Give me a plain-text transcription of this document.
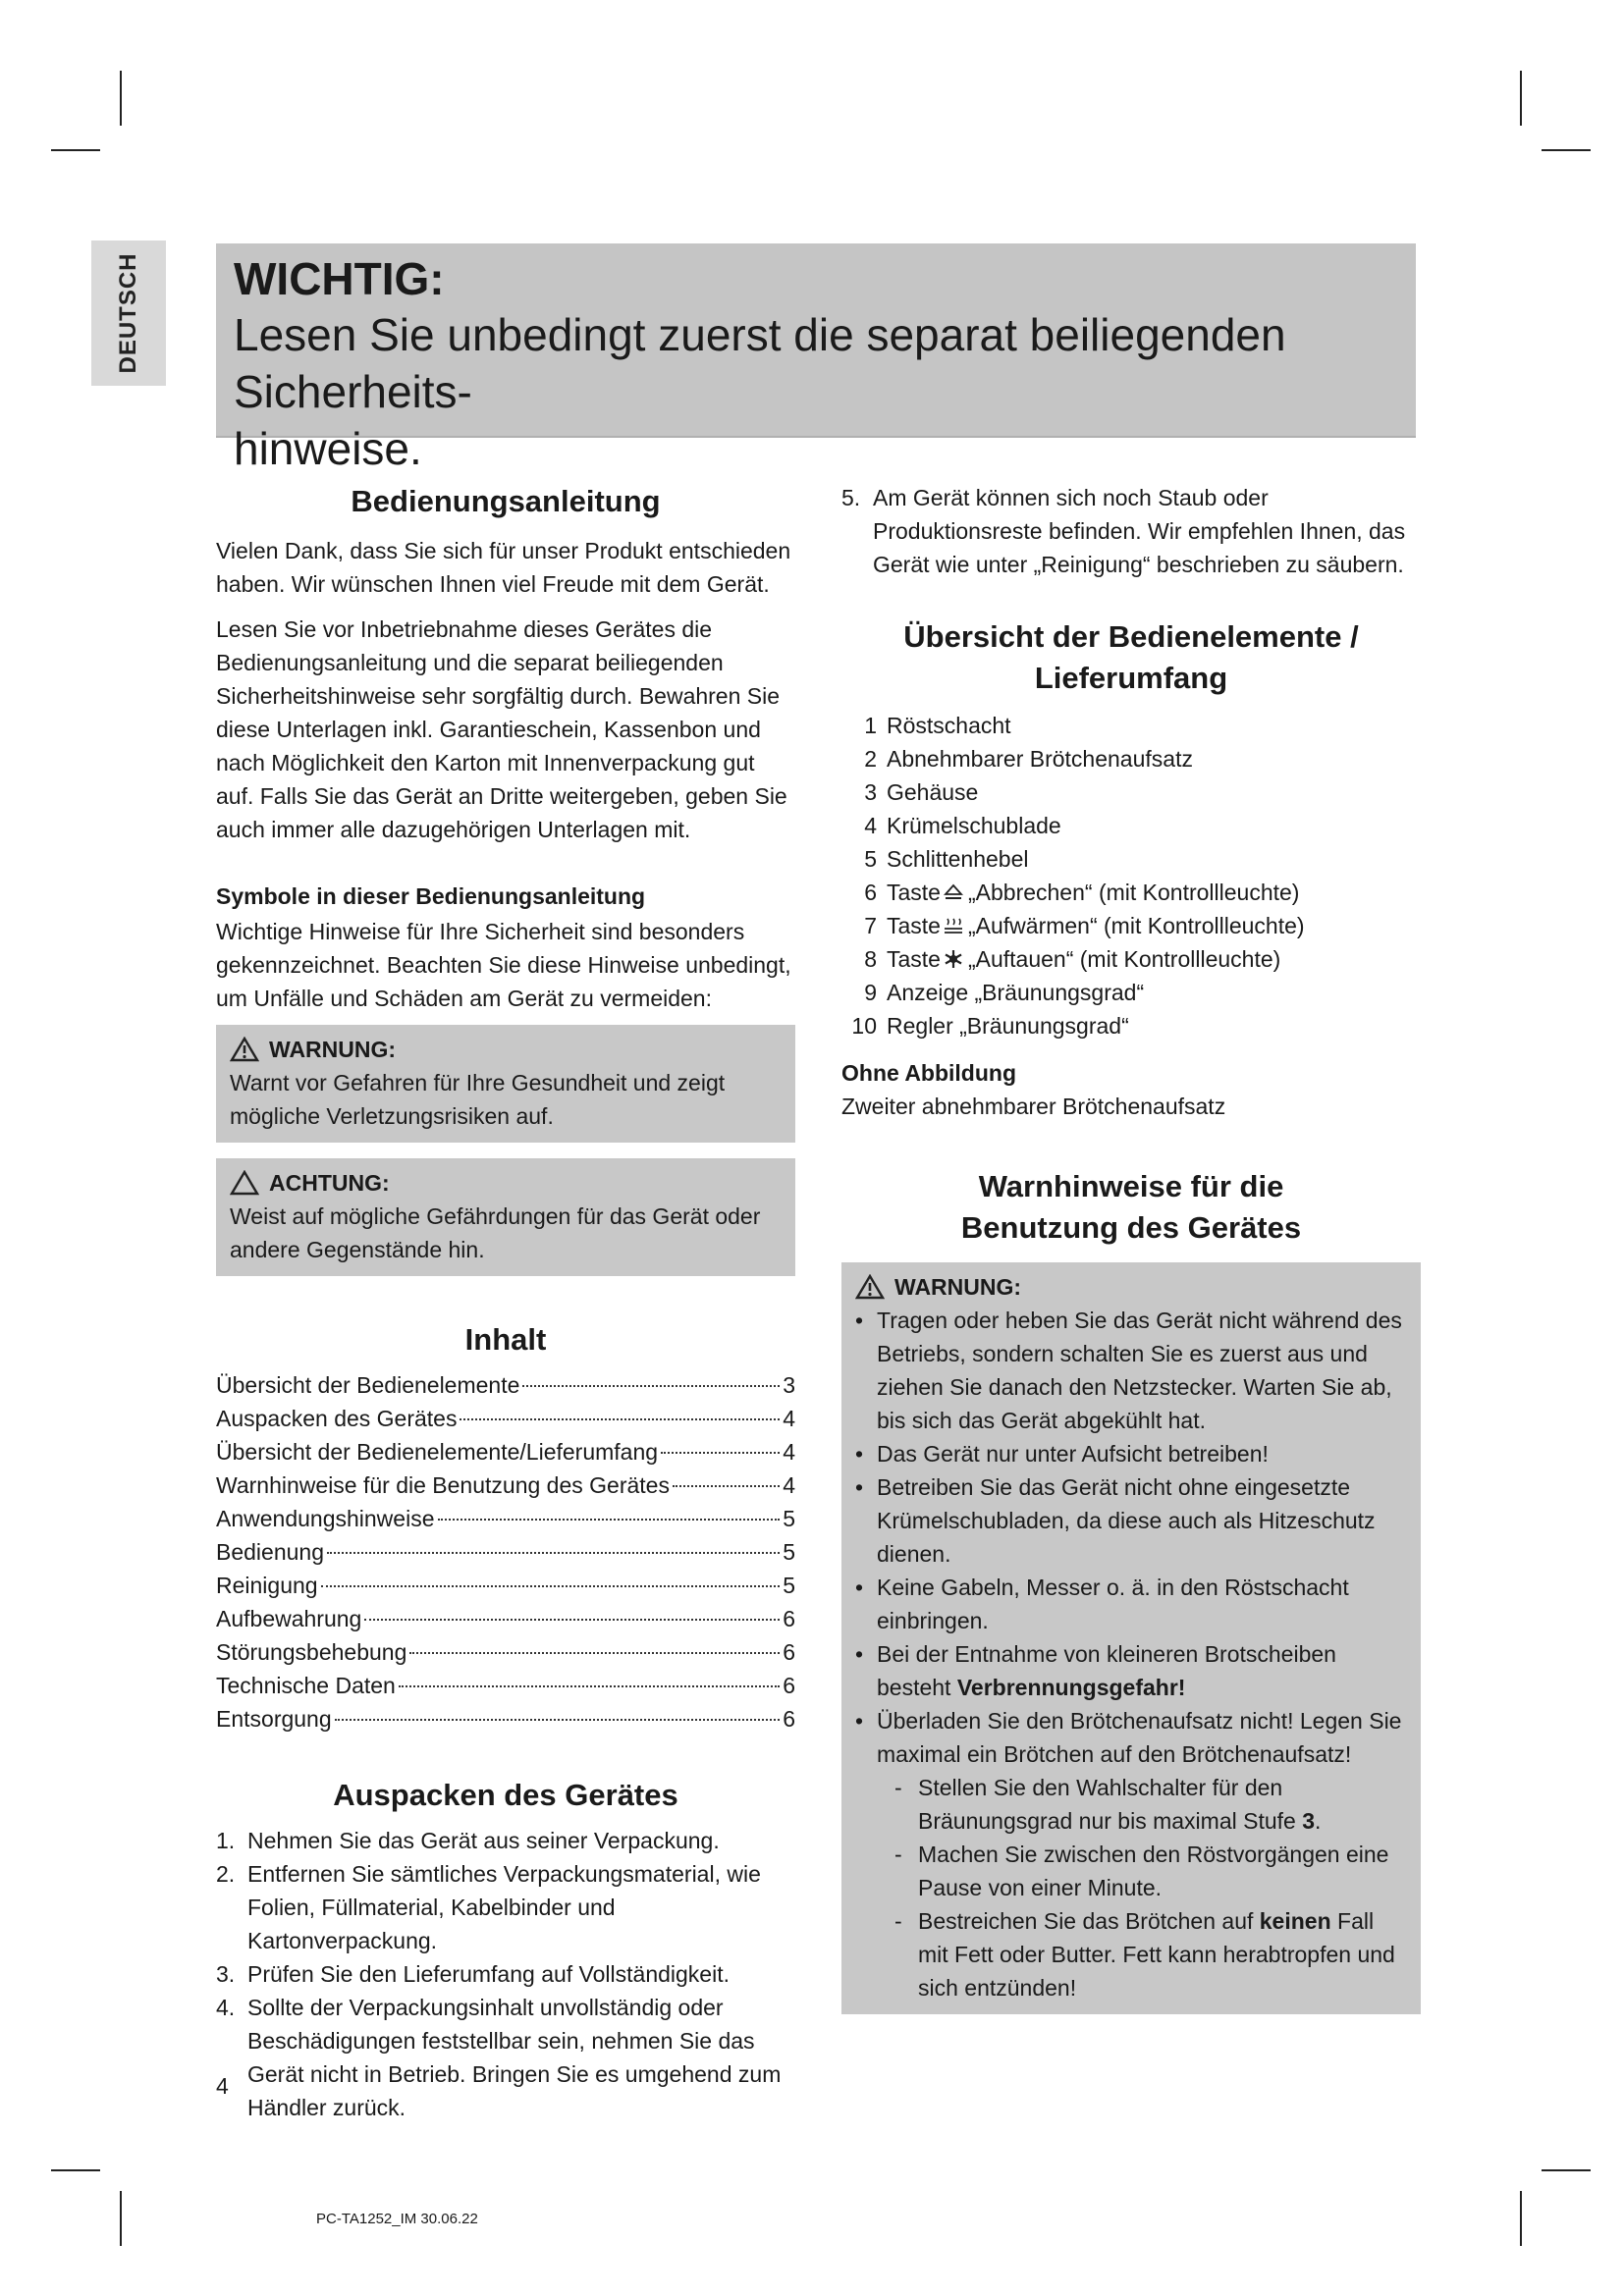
DEUTSCH WICHTIG:

Lesen Sie unbedingt zuerst die separat beiliegenden Sicherheits-

hinweise.

Bedienungsanleitung

Vielen Dank, dass Sie sich für unser Produkt entschieden haben. Wir wünschen Ihnen viel Freude mit dem Gerät.

Lesen Sie vor Inbetriebnahme dieses Gerätes die Bedienungsanleitung und die separat beiliegenden Sicherheitshinweise sehr sorgfältig durch. Bewahren Sie diese Unterlagen inkl. Garantieschein, Kassenbon und nach Möglichkeit den Karton mit Innenverpackung gut auf. Falls Sie das Gerät an Dritte weitergeben, geben Sie auch immer alle dazugehörigen Unterlagen mit.

Symbole in dieser Bedienungsanleitung

Wichtige Hinweise für Ihre Sicherheit sind besonders gekennzeichnet. Beachten Sie diese Hinweise unbedingt, um Unfälle und Schäden am Gerät zu vermeiden:

WARNUNG:

Warnt vor Gefahren für Ihre Gesundheit und zeigt mögliche Verletzungsrisiken auf.

ACHTUNG:

Weist auf mögliche Gefährdungen für das Gerät oder andere Gegenstände hin.

Inhalt
Übersicht der Bedienelemente	3
Auspacken des Gerätes	4
Übersicht der Bedienelemente/Lieferumfang	4
Warnhinweise für die Benutzung des Gerätes	4
Anwendungshinweise	5
Bedienung	5
Reinigung	5
Aufbewahrung	6
Störungsbehebung	6
Technische Daten	6
Entsorgung	6
Auspacken des Gerätes
1. Nehmen Sie das Gerät aus seiner Verpackung.
2. Entfernen Sie sämtliches Verpackungsmaterial, wie Folien, Füllmaterial, Kabelbinder und Kartonverpackung.
3. Prüfen Sie den Lieferumfang auf Vollständigkeit.
4. Sollte der Verpackungsinhalt unvollständig oder Beschädigungen feststellbar sein, nehmen Sie das Gerät nicht in Betrieb. Bringen Sie es umgehend zum Händler zurück.
5. Am Gerät können sich noch Staub oder Produktionsreste befinden. Wir empfehlen Ihnen, das Gerät wie unter „Reinigung“ beschrieben zu säubern.
Übersicht der Bedienelemente /
Lieferumfang
1 Röstschacht
2 Abnehmbarer Brötchenaufsatz
3 Gehäuse
4 Krümelschublade
5 Schlittenhebel
6 Taste „Abbrechen“ (mit Kontrollleuchte)
7 Taste „Aufwärmen“ (mit Kontrollleuchte)
8 Taste „Auftauen“ (mit Kontrollleuchte)
9 Anzeige „Bräunungsgrad“
10 Regler „Bräunungsgrad“
Ohne Abbildung

Zweiter abnehmbarer Brötchenaufsatz

Warnhinweise für die
Benutzung des Gerätes
WARNUNG:
• Tragen oder heben Sie das Gerät nicht während des Betriebs, sondern schalten Sie es zuerst aus und ziehen Sie danach den Netzstecker. Warten Sie ab, bis sich das Gerät abgekühlt hat.
• Das Gerät nur unter Aufsicht betreiben!
• Betreiben Sie das Gerät nicht ohne eingesetzte Krümelschubladen, da diese auch als Hitzeschutz dienen.
• Keine Gabeln, Messer o. ä. in den Röstschacht einbringen.
• Bei der Entnahme von kleineren Brotscheiben besteht Verbrennungsgefahr!
• Überladen Sie den Brötchenaufsatz nicht! Legen Sie maximal ein Brötchen auf den Brötchenaufsatz!
- Stellen Sie den Wahlschalter für den Bräunungsgrad nur bis maximal Stufe 3.
- Machen Sie zwischen den Röstvorgängen eine Pause von einer Minute.
- Bestreichen Sie das Brötchen auf keinen Fall mit Fett oder Butter. Fett kann herabtropfen und sich entzünden!
4
PC-TA1252_IM 30.06.22
